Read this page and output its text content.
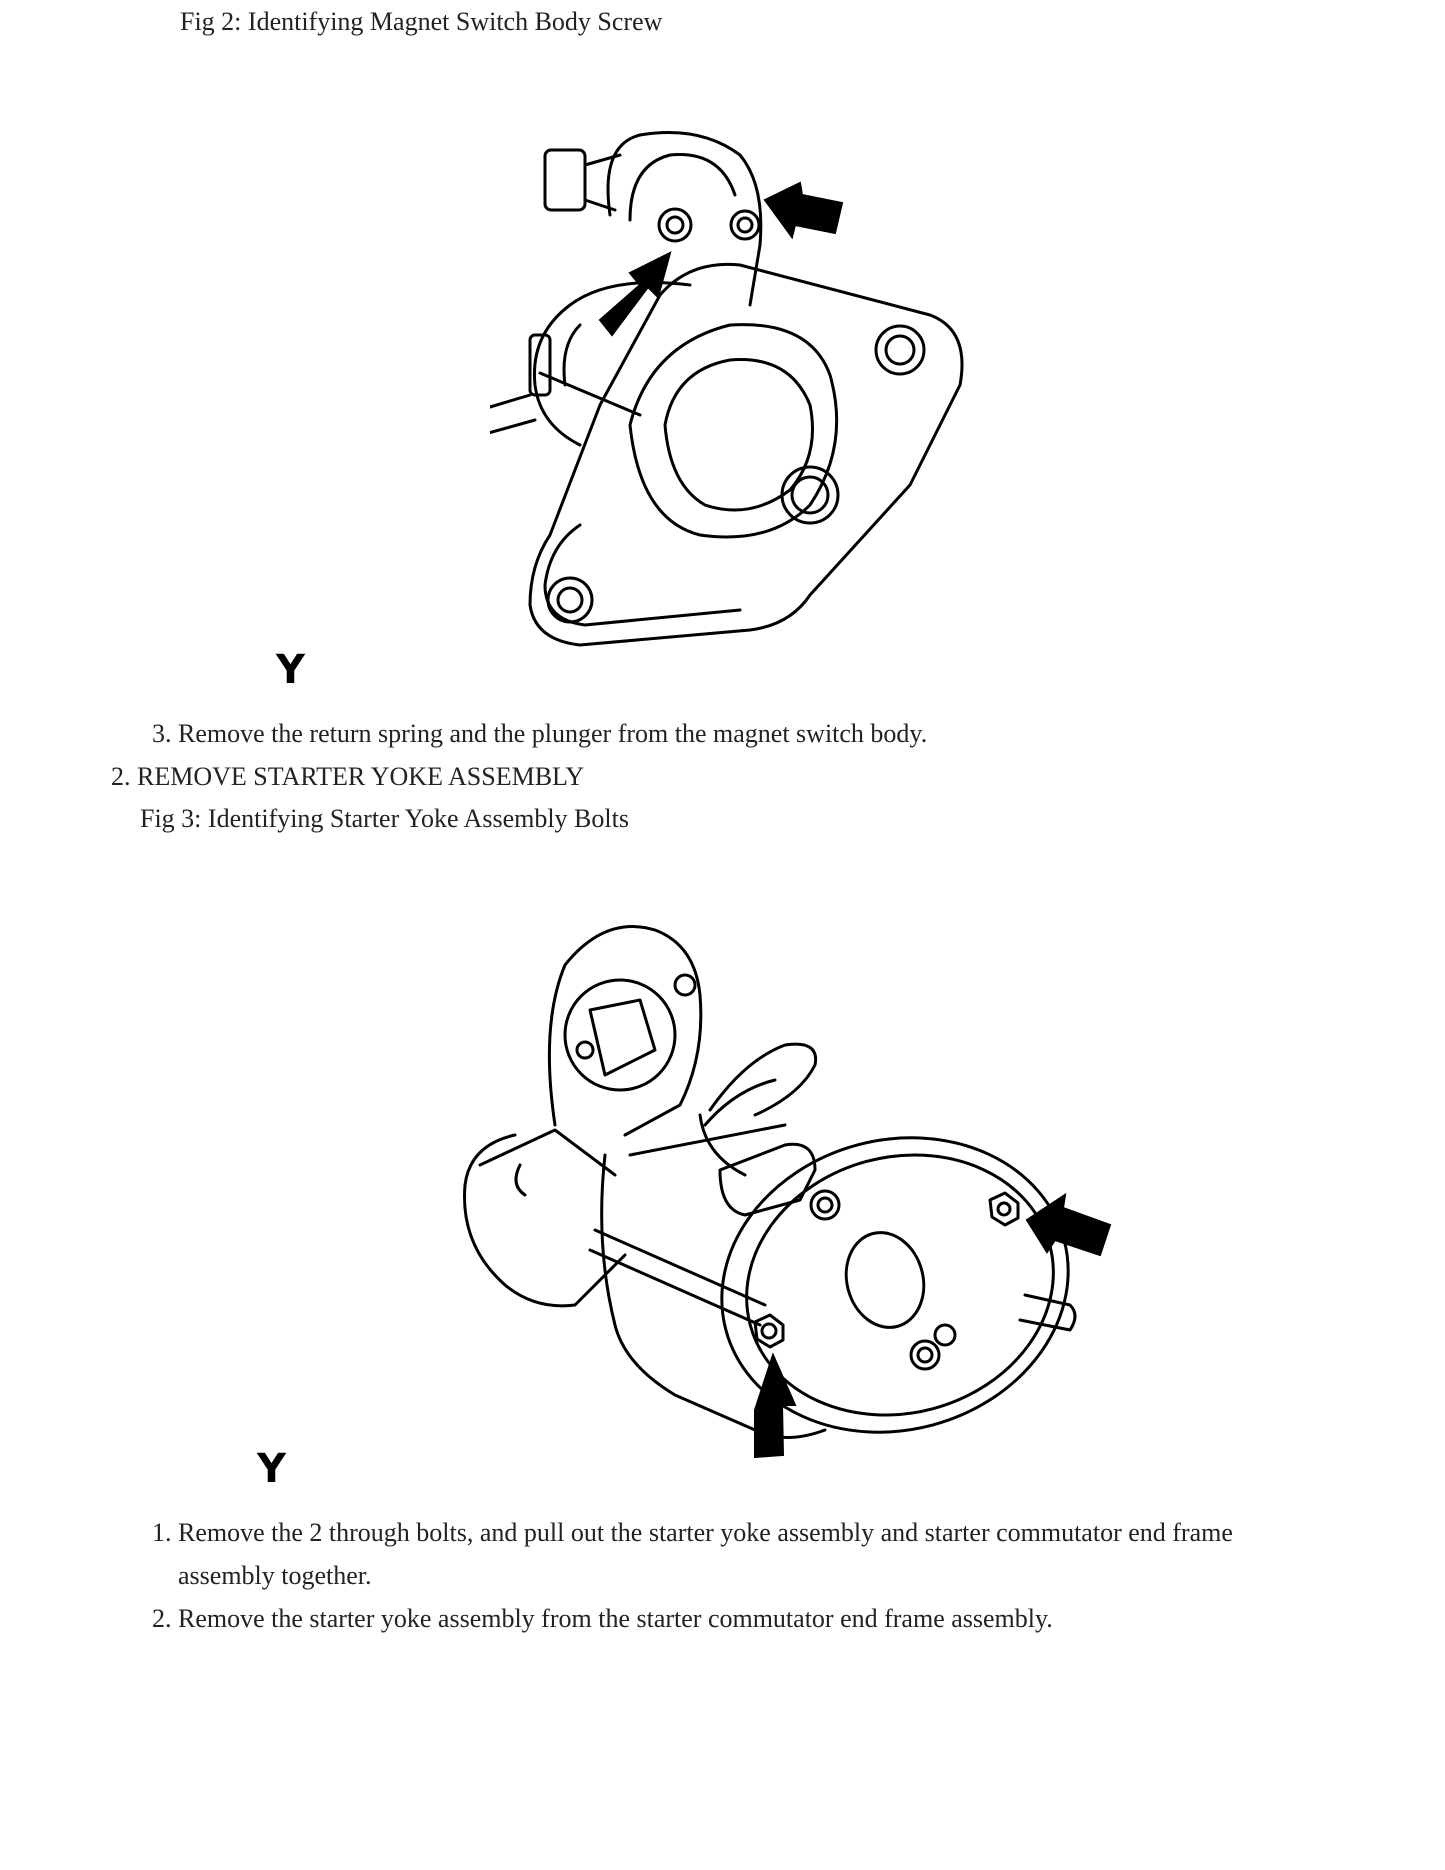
Fig 2: Identifying Magnet Switch Body Screw
Y
3. Remove the return spring and the plunger from the magnet switch body.
2. REMOVE STARTER YOKE ASSEMBLY
Fig 3: Identifying Starter Yoke Assembly Bolts
Y
1. Remove the 2 through bolts, and pull out the starter yoke assembly and starter commutator end frame
assembly together.
2. Remove the starter yoke assembly from the starter commutator end frame assembly.
